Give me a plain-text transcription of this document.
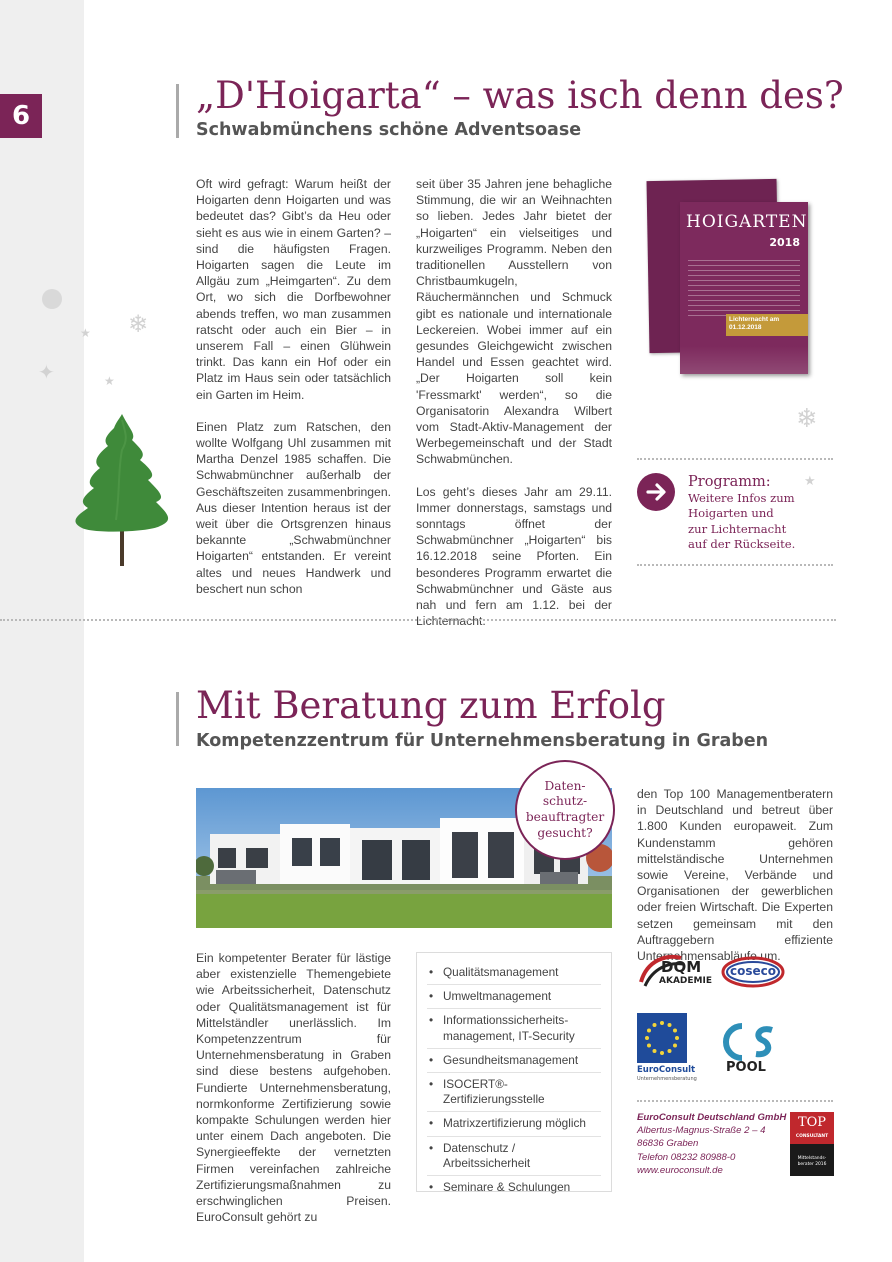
6
❄
★
✦	★
❄
★
„D'Hoigarta“ – was isch denn des?
Schwabmünchens schöne Adventsoase

Oft wird gefragt: Warum heißt der Hoigarten denn Hoigarten und was bedeutet das? Gibt’s da Heu oder sieht es aus wie in einem Garten? – sind die häufigsten Fragen. Hoigarten sagen die Leute im Allgäu zum „Heimgarten“. Zu dem Ort, wo sich die Dorfbewohner abends treffen, wo man zusammen ratscht oder auch ein Bier – in unserem Fall – einen Glühwein trinkt. Das kann ein Hof oder ein Platz im Haus sein oder tatsächlich ein Garten im Heim.

Einen Platz zum Ratschen, den wollte Wolfgang Uhl zusammen mit Martha Denzel 1985 schaffen. Die Schwabmünchner außerhalb der Geschäftszeiten zusammenbringen. Aus dieser Intention heraus ist der weit über die Ortsgrenzen hinaus bekannte „Schwabmünchner Hoigarten“ entstanden. Er vereint altes und neues Handwerk und beschert nun schon

seit über 35 Jahren jene behagliche Stimmung, die wir an Weihnachten so lieben. Jedes Jahr bietet der „Hoigarten“ ein vielseitiges und kurzweiliges Programm. Neben den traditionellen Ausstellern von Christbaumkugeln, Räuchermännchen und Schmuck gibt es nationale und internationale Leckereien. Wobei immer auf ein gesundes Gleichgewicht zwischen Handel und Essen geachtet wird. „Der Hoigarten soll kein 'Fressmarkt' werden“, so die Organisatorin Alexandra Wilbert vom Stadt-Aktiv-Management der Werbegemeinschaft und der Stadt Schwabmünchen.

Los geht’s dieses Jahr am 29.11. Immer donnerstags, samstags und sonntags öffnet der Schwabmünchner „Hoigarten“ bis 16.12.2018 seine Pforten. Ein besonderes Programm erwartet die Schwabmünchner und Gäste aus nah und fern am 1.12. bei der Lichternacht.

HOIGARTEN
2018
Lichternacht am 01.12.2018
Programm:
Weitere Infos zum
Hoigarten und
zur Lichternacht
auf der Rückseite.
Mit Beratung zum Erfolg
Kompetenzzentrum für Unternehmensberatung in Graben
Daten-
schutz-
beauftragter
gesucht?
den Top 100 Managementberatern in Deutschland und betreut über 1.800 Kunden europaweit. Zum Kundenstamm gehören mittelständische Unternehmen sowie Vereine, Verbände und Organisationen der gewerblichen oder freien Wirtschaft. Die Experten setzen gemeinsam mit den Auftraggebern effiziente Unternehmensabläufe um.
Ein kompetenter Berater für lästige aber existenzielle Themengebiete wie Arbeitssicherheit, Datenschutz oder Qualitätsmanagement ist für Mittelständler unerlässlich. Im Kompetenzzentrum für Unternehmensberatung in Graben sind diese bestens aufgehoben. Fundierte Unternehmensberatung, normkonforme Zertifizierung sowie kompakte Schulungen werden hier unter einem Dach angeboten. Die Synergieeffekte der vernetzten Firmen vereinfachen zahlreiche Zertifizierungsmaßnahmen zu erschwinglichen Preisen. EuroConsult gehört zu
• Qualitätsmanagement
• Umweltmanagement
• Informationssicherheitsmanagement, IT-Security
• Gesundheitsmanagement
• ISOCERT®-Zertifizierungsstelle
• Matrixzertifizierung möglich
• Datenschutz / Arbeitssicherheit
• Seminare & Schulungen
DQM
AKADEMIE
coseco
EuroConsult
Unternehmensberatung
POOL
EuroConsult Deutschland GmbH
Albertus-Magnus-Straße 2 – 4
86836 Graben
Telefon 08232 80988-0
www.euroconsult.de
TOP
CONSULTANT
Mittelstands-berater 2016
